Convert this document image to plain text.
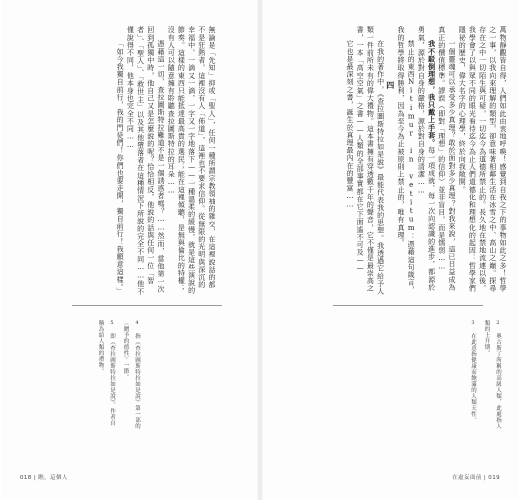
無論是「先知」抑或「聖人」，任何一種所謂宗教領袖的雜交，在這裡說話的都不是狂熱者，這裡沒有人「佈道」，這裡也不要求信仰。從無限的光明與深沉的幸福中，一滴又一滴，一字又一字地落下——一種溫柔的緩慢，就是這些演說的節奏。這樣的東西只能抵達最高貴的選民；能在這裡傾聽，是無與倫比的特權；沒有人可以隨意擁有聆聽查拉圖斯特拉的耳朵……

憑藉這一切，查拉圖斯特拉難道不是一個誘惑者嗎？……然而，當他第一次回到孤獨中時，他自己又是怎麼說的呢？恰恰相反，他說的話與任何一位「智者」、「聖人」、「救世主」以及其他墮落者在這種情況下所說的完全不同……他不僅說得不同，他本身也完全不同……

「如今我獨自前行，我的門徒們！你們也要走開，獨自前行！我願意這樣。」

4 指《查拉圖斯特拉如是說》第一部的〈贈予的德性〉一節。

5 即《查拉圖斯特拉如是說》，作者自稱為給人類的禮物。

018 | 瞧，這個人

萬物靜觀皆自得，人們如此由衷地呼喚！感覺到自我之下的事物如此之多！哲學之一事，以我向來理解的類型，卻意味著相鄰生活在冰雪之中、高山之巔。探尋存在之中一切陌生與可疑，一切迄今為道德所禁止的。長久地在禁地流連以後，我學會了以與眾不同的眼光看待迄今為止人們道德化和理想化的起因：哲學家們隱祕的歷史，偉大名字的心理學，終於向我敞開。

一個靈魂可以承受多少真理？敢於面對多少真理？對我來說，這已日益成為真正的價值標準。謬誤（即對「理想」的信仰）並非盲目，而是懦弱……

我不駁倒理想，我只戴上手套。每一項成就、每一次向認識的進步，都源於勇氣，源於對自身的嚴格，源於對自身的清潔……

禁止的東西Nitimur in vetitum：憑藉這句箴言，我的哲學將取得勝利，因為至今為止被原則上禁止的，唯有真理。

四

在我的著作中，《查拉圖斯特拉如是說》最能代表我的思想。我透過它給予人類一件前所未有的偉大禮物。這本書擁有穿透數千年的聲音，它不僅是最崇高之書，一本「高空空氣」之書——人類的全部事實都在它下面遙不可及——

它也是最深刻之書，誕生於真理最內在的豐富……

2 奧古斯丁所稱的高級人類，此處指人類的上升期。

3 在此意指健康而飽滿的人類天性。

在虛妄面前 | 019
